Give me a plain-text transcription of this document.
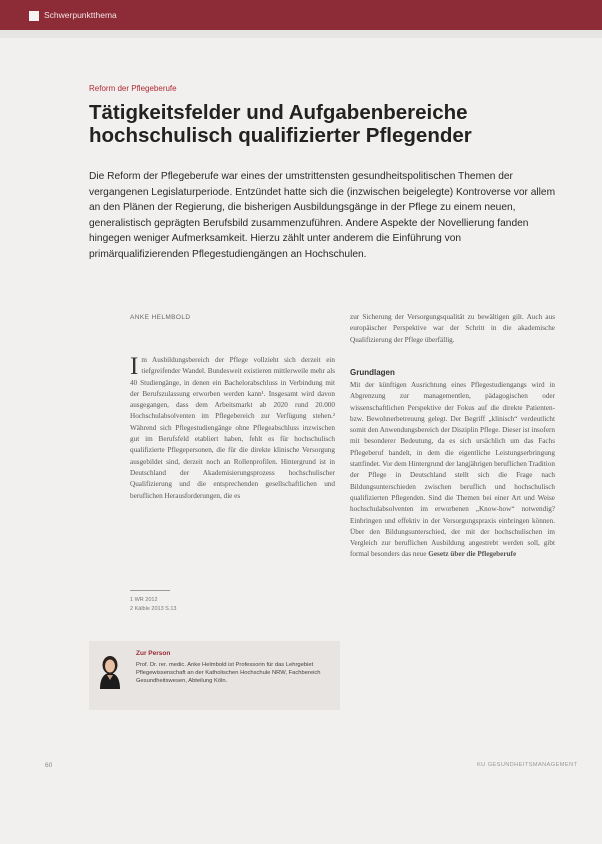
Schwerpunktthema
Reform der Pflegeberufe
Tätigkeitsfelder und Aufgabenbereiche hochschulisch qualifizierter Pflegender

Die Reform der Pflegeberufe war eines der umstrittensten gesundheitspolitischen Themen der vergangenen Legislaturperiode. Entzündet hatte sich die (inzwischen beigelegte) Kontroverse vor allem an den Plänen der Regierung, die bisherigen Ausbildungsgänge in der Pflege zu einem neuen, generalistisch geprägten Berufsbild zusammenzuführen. Andere Aspekte der Novellierung fanden hingegen weniger Aufmerksamkeit. Hierzu zählt unter anderem die Einführung von primärqualifizierenden Pflegestudiengängen an Hochschulen.

ANKE HELMBOLD

Im Ausbildungsbereich der Pflege vollzieht sich derzeit ein tiefgreifender Wandel. Bundesweit existieren mittlerweile mehr als 40 Studiengänge, in denen ein Bachelorabschluss in Verbindung mit der Berufszulassung erworben werden kann¹. Insgesamt wird davon ausgegangen, dass dem Arbeitsmarkt ab 2020 rund 20.000 Hochschulabsolventen im Pflegebereich zur Verfügung stehen.² Während sich Pflegestudiengänge ohne Pflegeabschluss inzwischen gut im Berufsfeld etabliert haben, fehlt es für hochschulisch qualifizierte Pflegepersonen, die für die direkte klinische Versorgung ausgebildet sind, derzeit noch an Rollenprofilen. Hintergrund ist in Deutschland der Akademisierungsprozess hochschulischer Qualifizierung und die entsprechenden gesellschaftlichen und beruflichen Herausforderungen, die es

1 WR 2012
2 Kälble 2013 S.13
Zur Person

Prof. Dr. rer. medic. Anke Helmbold ist Professorin für das Lehrgebiet Pflegewissenschaft an der Katholischen Hochschule NRW, Fachbereich Gesundheitswesen, Abteilung Köln.

zur Sicherung der Versorgungsqualität zu bewältigen gilt. Auch aus europäischer Perspektive war der Schritt in die akademische Qualifizierung der Pflege überfällig.

Grundlagen

Mit der künftigen Ausrichtung eines Pflegestudiengangs wird in Abgrenzung zur managementlen, pädagogischen oder wissenschaftlichen Perspektive der Fokus auf die direkte Patienten- bzw. Bewohnerbetreuung gelegt. Der Begriff „klinisch“ verdeutlicht somit den Anwendungsbereich der Disziplin Pflege. Dieser ist insofern mit besonderer Bedeutung, da es sich ursächlich um das Fachs Pflegeberuf handelt, in dem die eigentliche Leistungserbringung stattfindet. Vor dem Hintergrund der langjährigen beruflichen Tradition der Pflege in Deutschland stellt sich die Frage nach Bildungsunterschieden zwischen beruflich und hochschulisch qualifizierten Pflegenden. Sind die Themen bei einer Art und Weise hochschulabsolventen im erworbenen „Know-how“ notwendig? Einbringen und effektiv in der Versorgungspraxis einbringen können. Über den Bildungsunterschied, der mit der hochschulischen im Vergleich zur beruflichen Ausbildung angestrebt werden soll, gibt formal besonders das neue Gesetz über die Pflegeberufe

60	KU GESUNDHEITSMANAGEMENT
